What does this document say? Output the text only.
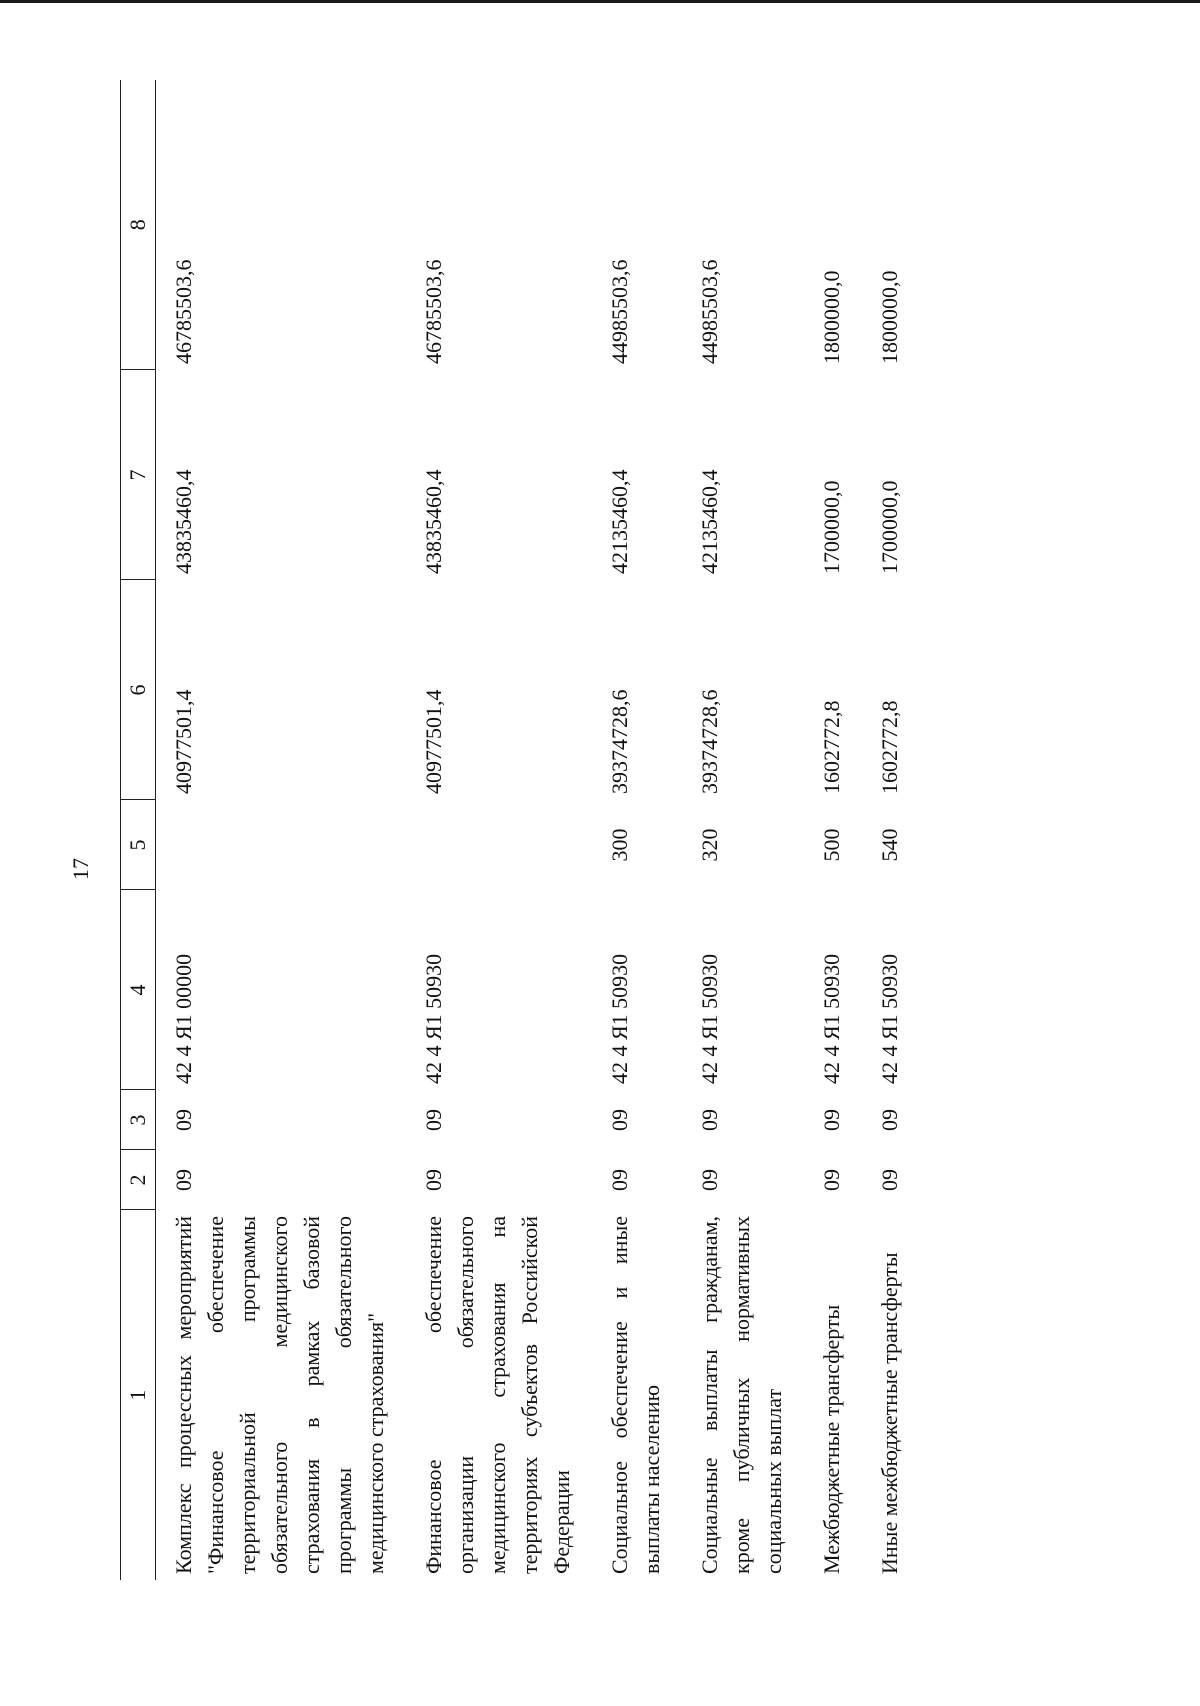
17
1	2	3	4	5	6	7	8
Комплекс процессных мероприятий "Финансовое обеспечение территориальной программы обязательного медицинского страхования в рамках базовой программы обязательного медицинского страхования"	09	09	42 4 Я1 00000		40977501,4	43835460,4	46785503,6
Финансовое обеспечение организации обязательного медицинского страхования на территориях субъектов Российской Федерации	09	09	42 4 Я1 50930		40977501,4	43835460,4	46785503,6
Социальное обеспечение и иные выплаты населению	09	09	42 4 Я1 50930	300	39374728,6	42135460,4	44985503,6
Социальные выплаты гражданам, кроме публичных нормативных социальных выплат	09	09	42 4 Я1 50930	320	39374728,6	42135460,4	44985503,6
Межбюджетные трансферты	09	09	42 4 Я1 50930	500	1602772,8	1700000,0	1800000,0
Иные межбюджетные трансферты	09	09	42 4 Я1 50930	540	1602772,8	1700000,0	1800000,0
